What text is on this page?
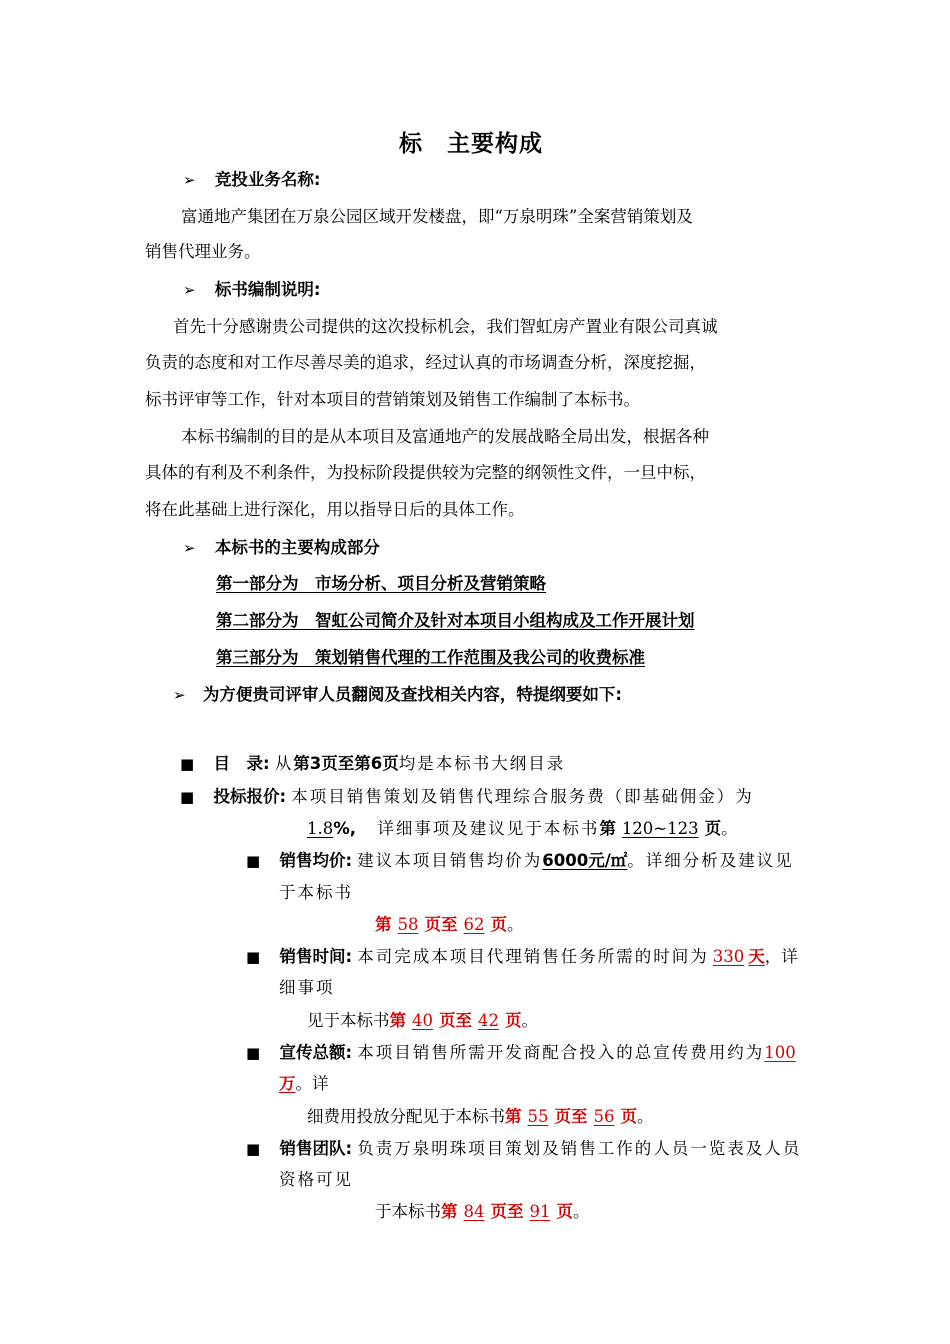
标　主要构成
➢ 竞投业务名称:
富通地产集团在万泉公园区域开发楼盘，即“万泉明珠”全案营销策划及
销售代理业务。
➢ 标书编制说明:
首先十分感谢贵公司提供的这次投标机会，我们智虹房产置业有限公司真诚
负责的态度和对工作尽善尽美的追求，经过认真的市场调查分析，深度挖掘，
标书评审等工作，针对本项目的营销策划及销售工作编制了本标书。
本标书编制的目的是从本项目及富通地产的发展战略全局出发，根据各种
具体的有利及不利条件，为投标阶段提供较为完整的纲领性文件，一旦中标，
将在此基础上进行深化，用以指导日后的具体工作。
➢ 本标书的主要构成部分
第一部分为　市场分析、项目分析及营销策略
第二部分为　智虹公司简介及针对本项目小组构成及工作开展计划
第三部分为　策划销售代理的工作范围及我公司的收费标准
➢ 为方便贵司评审人员翻阅及查找相关内容，特提纲要如下:
■ 目　录: 从第3页至第6页均是本标书大纲目录
■ 投标报价: 本项目销售策划及销售代理综合服务费（即基础佣金）为
1.8%, 详细事项及建议见于本标书第 120~123 页。
■ 销售均价: 建议本项目销售均价为6000元/㎡。详细分析及建议见
于本标书
第 58 页至 62 页。
■ 销售时间: 本司完成本项目代理销售任务所需的时间为 330 天，详
细事项
见于本标书第 40 页至 42 页。
■ 宣传总额: 本项目销售所需开发商配合投入的总宣传费用约为100
万。详
细费用投放分配见于本标书第 55 页至 56 页。
■ 销售团队: 负责万泉明珠项目策划及销售工作的人员一览表及人员
资格可见
于本标书第 84 页至 91 页。
